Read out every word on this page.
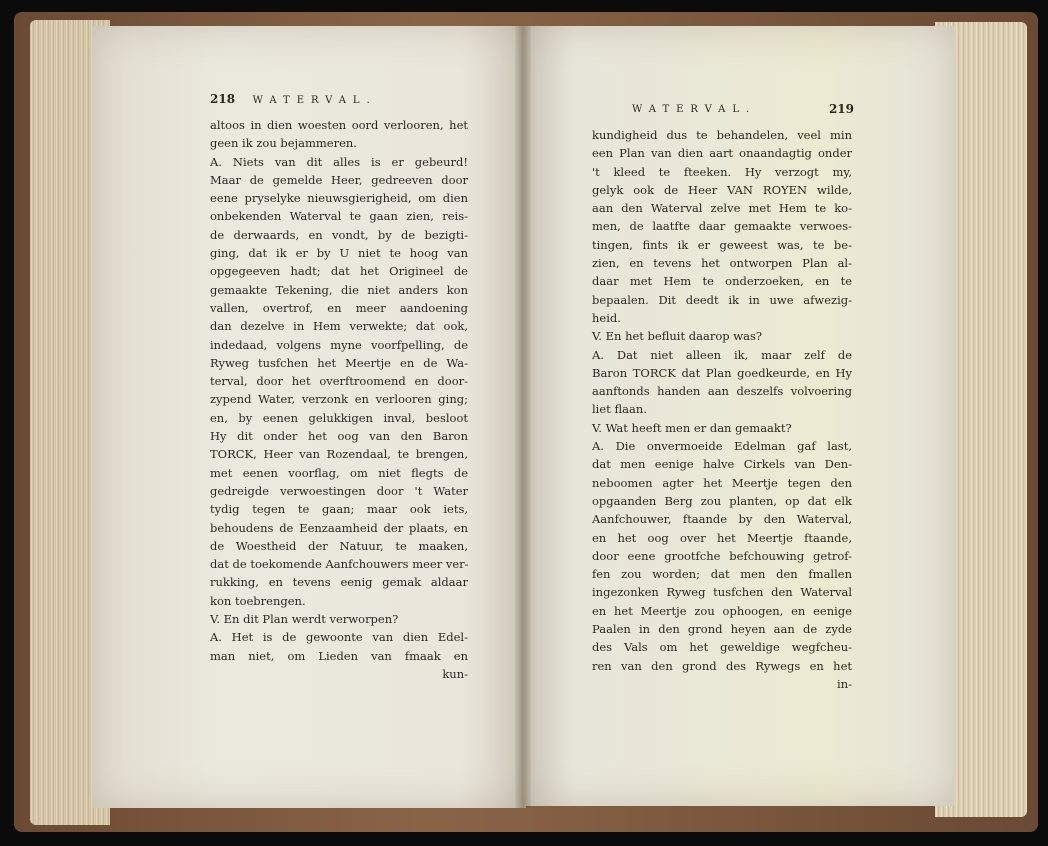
218 WATERVAL.
WATERVAL.	219
altoos in dien woesten oord verlooren, het
geen ik zou bejammeren.
A. Niets van dit alles is er gebeurd!
Maar de gemelde Heer, gedreeven door
eene pryselyke nieuwsgierigheid, om dien
onbekenden Waterval te gaan zien, reis-
de derwaards, en vondt, by de bezigti-
ging, dat ik er by U niet te hoog van
opgegeeven hadt; dat het Origineel de
gemaakte Tekening, die niet anders kon
vallen, overtrof, en meer aandoening
dan dezelve in Hem verwekte; dat ook,
indedaad, volgens myne voorfpelling, de
Ryweg tusfchen het Meertje en de Wa-
terval, door het overftroomend en door-
zypend Water, verzonk en verlooren ging;
en, by eenen gelukkigen inval, besloot
Hy dit onder het oog van den Baron
TORCK, Heer van Rozendaal, te brengen,
met eenen voorflag, om niet flegts de
gedreigde verwoestingen door 't Water
tydig tegen te gaan; maar ook iets,
behoudens de Eenzaamheid der plaats, en
de Woestheid der Natuur, te maaken,
dat de toekomende Aanfchouwers meer ver-
rukking, en tevens eenig gemak aldaar
kon toebrengen.
V. En dit Plan werdt verworpen?
A. Het is de gewoonte van dien Edel-
man niet, om Lieden van fmaak en
kun-
kundigheid dus te behandelen, veel min
een Plan van dien aart onaandagtig onder
't kleed te fteeken. Hy verzogt my,
gelyk ook de Heer VAN ROYEN wilde,
aan den Waterval zelve met Hem te ko-
men, de laatfte daar gemaakte verwoes-
tingen, fints ik er geweest was, te be-
zien, en tevens het ontworpen Plan al-
daar met Hem te onderzoeken, en te
bepaalen. Dit deedt ik in uwe afwezig-
heid.
V. En het befluit daarop was?
A. Dat niet alleen ik, maar zelf de
Baron TORCK dat Plan goedkeurde, en Hy
aanftonds handen aan deszelfs volvoering
liet flaan.
V. Wat heeft men er dan gemaakt?
A. Die onvermoeide Edelman gaf last,
dat men eenige halve Cirkels van Den-
neboomen agter het Meertje tegen den
opgaanden Berg zou planten, op dat elk
Aanfchouwer, ftaande by den Waterval,
en het oog over het Meertje ftaande,
door eene grootfche befchouwing getrof-
fen zou worden; dat men den fmallen
ingezonken Ryweg tusfchen den Waterval
en het Meertje zou ophoogen, en eenige
Paalen in den grond heyen aan de zyde
des Vals om het geweldige wegfcheu-
ren van den grond des Rywegs en het
in-
